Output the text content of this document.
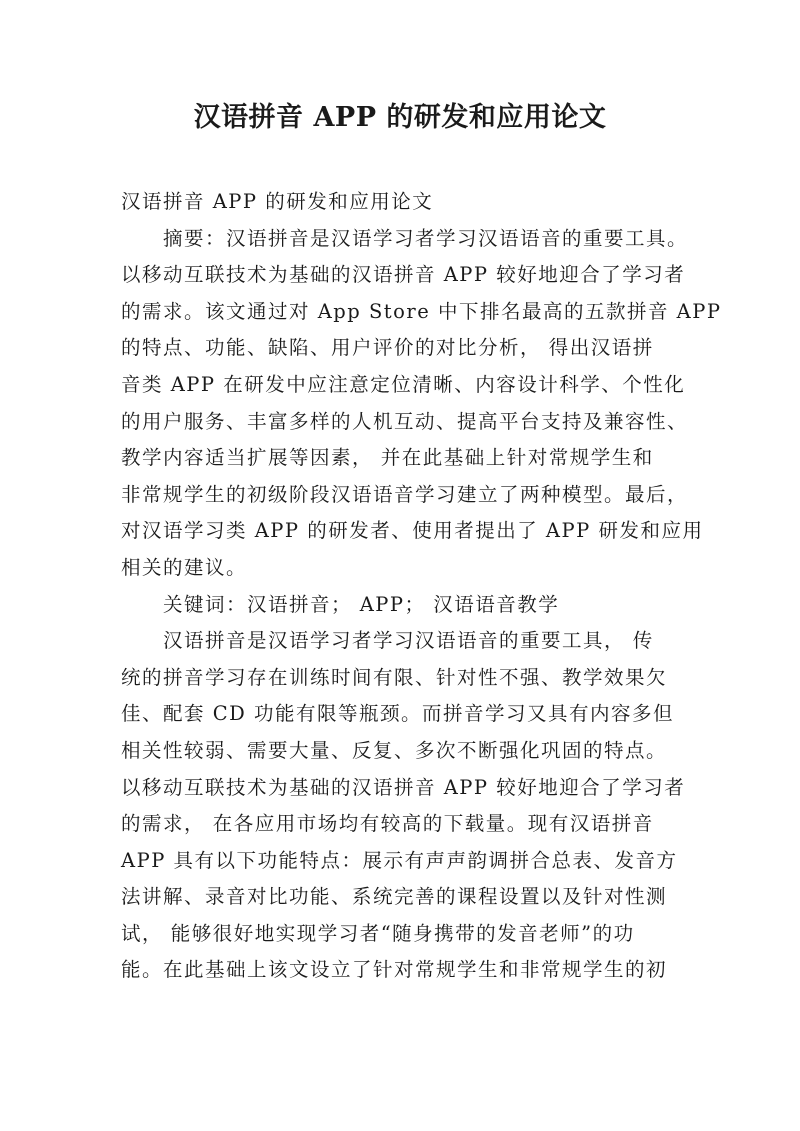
汉语拼音 APP 的研发和应用论文
汉语拼音 APP 的研发和应用论文
　　摘要：汉语拼音是汉语学习者学习汉语语音的重要工具。
以移动互联技术为基础的汉语拼音 APP 较好地迎合了学习者
的需求。该文通过对 App Store 中下排名最高的五款拼音 APP
的特点、功能、缺陷、用户评价的对比分析， 得出汉语拼
音类 APP 在研发中应注意定位清晰、内容设计科学、个性化
的用户服务、丰富多样的人机互动、提高平台支持及兼容性、
教学内容适当扩展等因素， 并在此基础上针对常规学生和
非常规学生的初级阶段汉语语音学习建立了两种模型。最后，
对汉语学习类 APP 的研发者、使用者提出了 APP 研发和应用
相关的建议。
　　关键词：汉语拼音； APP； 汉语语音教学
　　汉语拼音是汉语学习者学习汉语语音的重要工具， 传
统的拼音学习存在训练时间有限、针对性不强、教学效果欠
佳、配套 CD 功能有限等瓶颈。而拼音学习又具有内容多但
相关性较弱、需要大量、反复、多次不断强化巩固的特点。
以移动互联技术为基础的汉语拼音 APP 较好地迎合了学习者
的需求， 在各应用市场均有较高的下载量。现有汉语拼音
APP 具有以下功能特点：展示有声声韵调拼合总表、发音方
法讲解、录音对比功能、系统完善的课程设置以及针对性测
试， 能够很好地实现学习者“随身携带的发音老师”的功
能。在此基础上该文设立了针对常规学生和非常规学生的初
